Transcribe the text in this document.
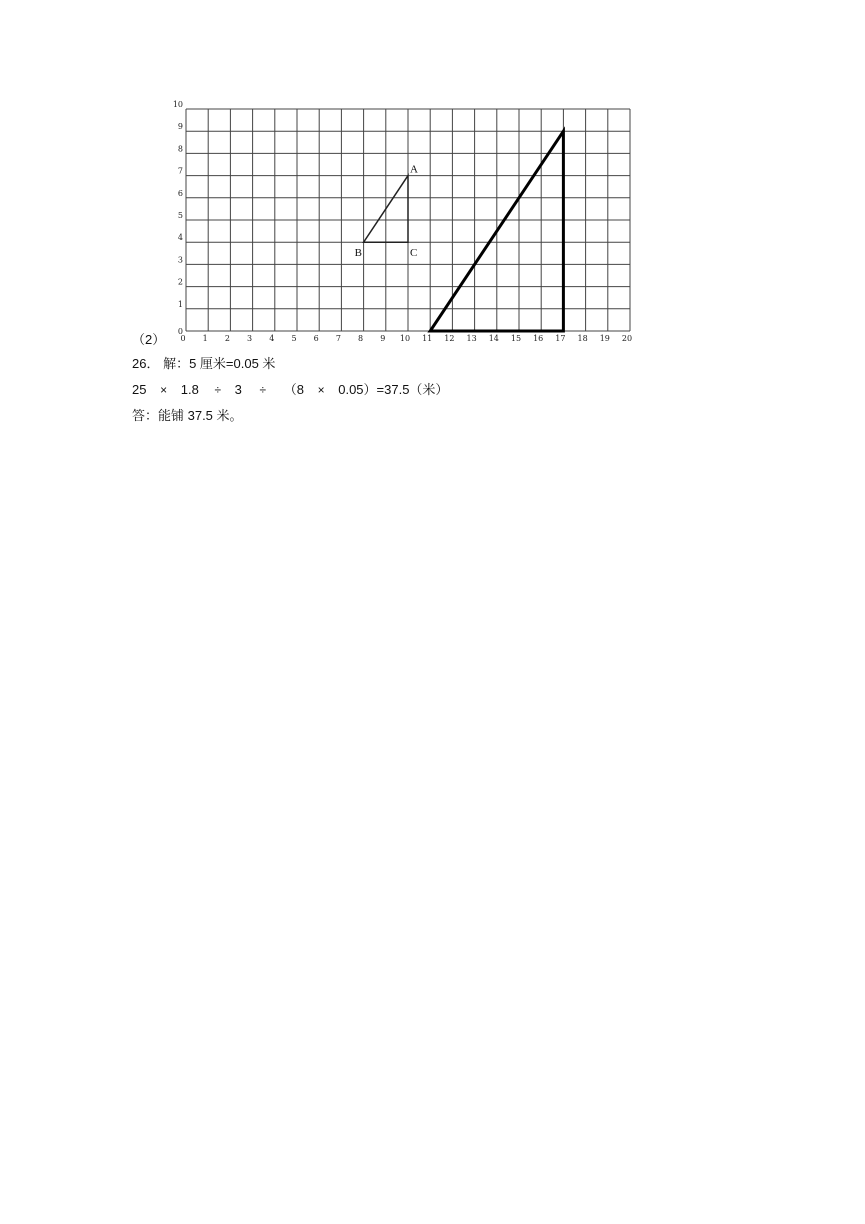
0 1 2 3 4 5 6 7 8 9 10 11 12 13 14 15 16 17 18 19 20
0
1
2
3
4
5
6
7
8
9
10
A
B	C
（2）
26． 解：5 厘米=0.05 米
25 × 1.8 ÷ 3 ÷ （8 × 0.05）=37.5（米）
答：能铺 37.5 米。
